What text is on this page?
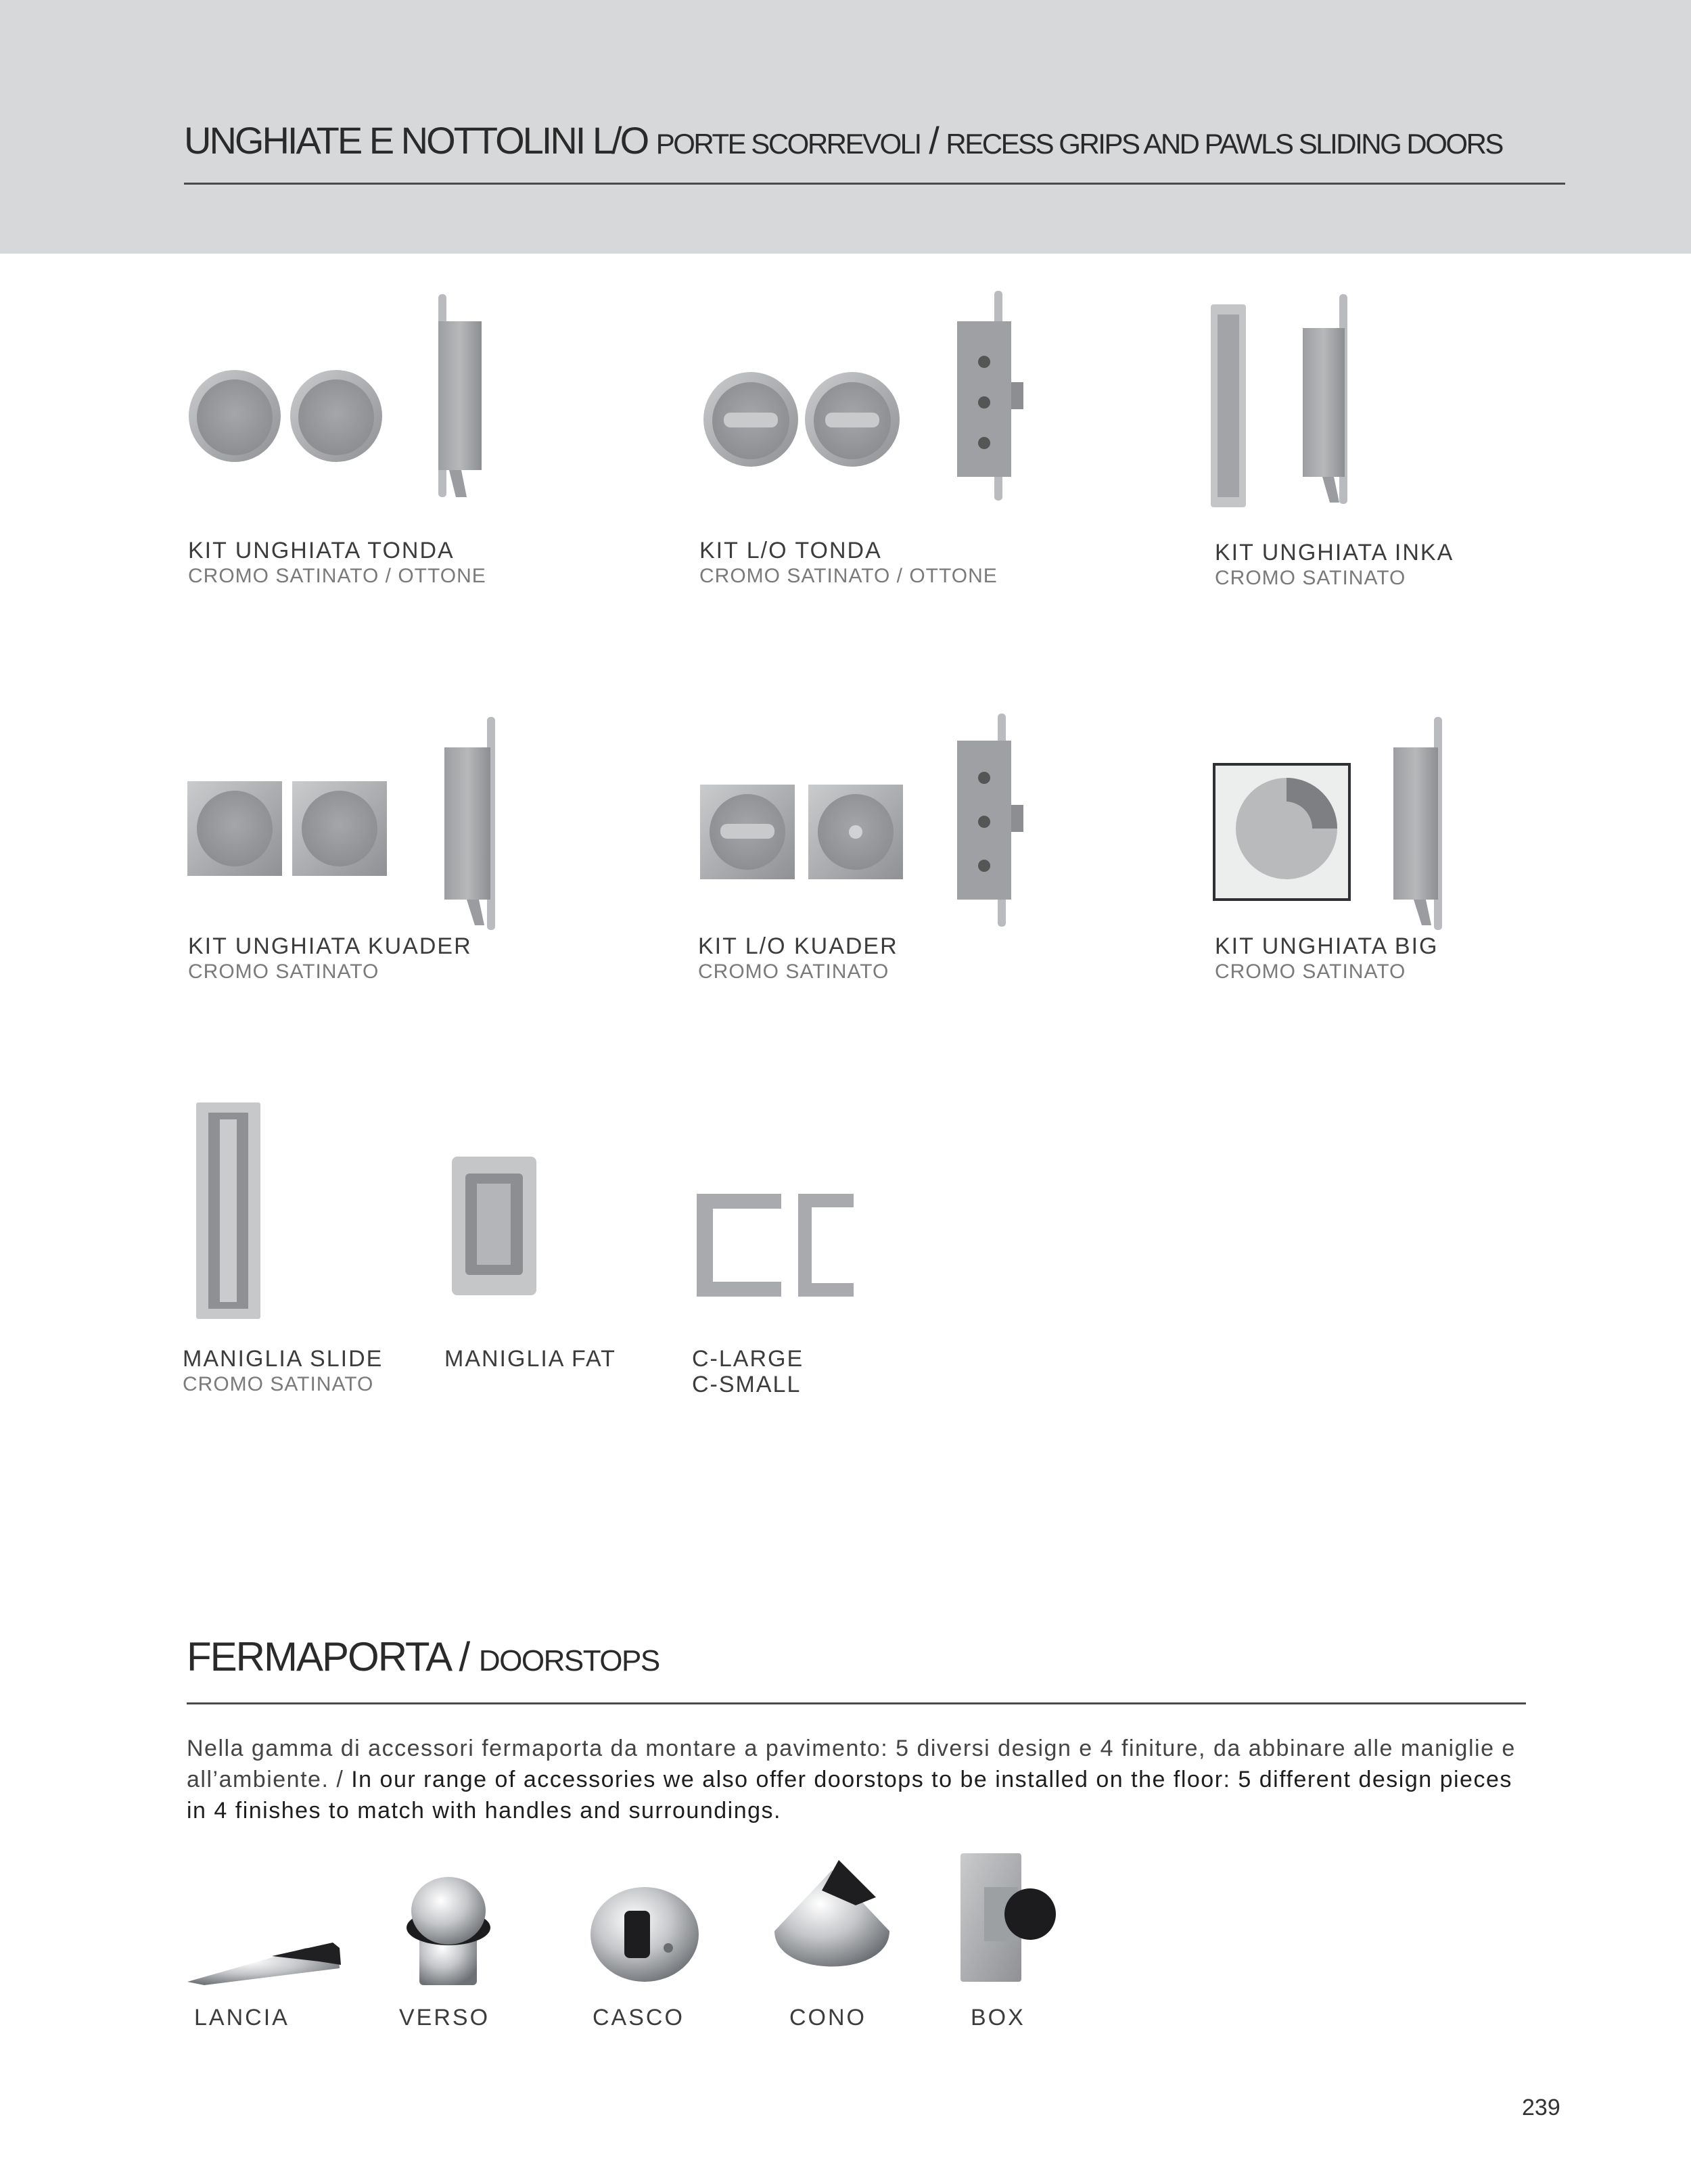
UNGHIATE E NOTTOLINI L/O PORTE SCORREVOLI / RECESS GRIPS AND PAWLS SLIDING DOORS
KIT UNGHIATA TONDA
CROMO SATINATO / OTTONE
KIT L/O TONDA
CROMO SATINATO / OTTONE
KIT UNGHIATA INKA
CROMO SATINATO
KIT UNGHIATA KUADER
CROMO SATINATO
KIT L/O KUADER
CROMO SATINATO
KIT UNGHIATA BIG
CROMO SATINATO
MANIGLIA SLIDE
CROMO SATINATO
MANIGLIA FAT	C-LARGE
C-SMALL
FERMAPORTA / DOORSTOPS

Nella gamma di accessori fermaporta da montare a pavimento: 5 diversi design e 4 finiture, da abbinare alle maniglie e all’ambiente. / In our range of accessories we also offer doorstops to be installed on the floor: 5 different design pieces in 4 finishes to match with handles and surroundings.

LANCIA	VERSO	CASCO	CONO	BOX
239
